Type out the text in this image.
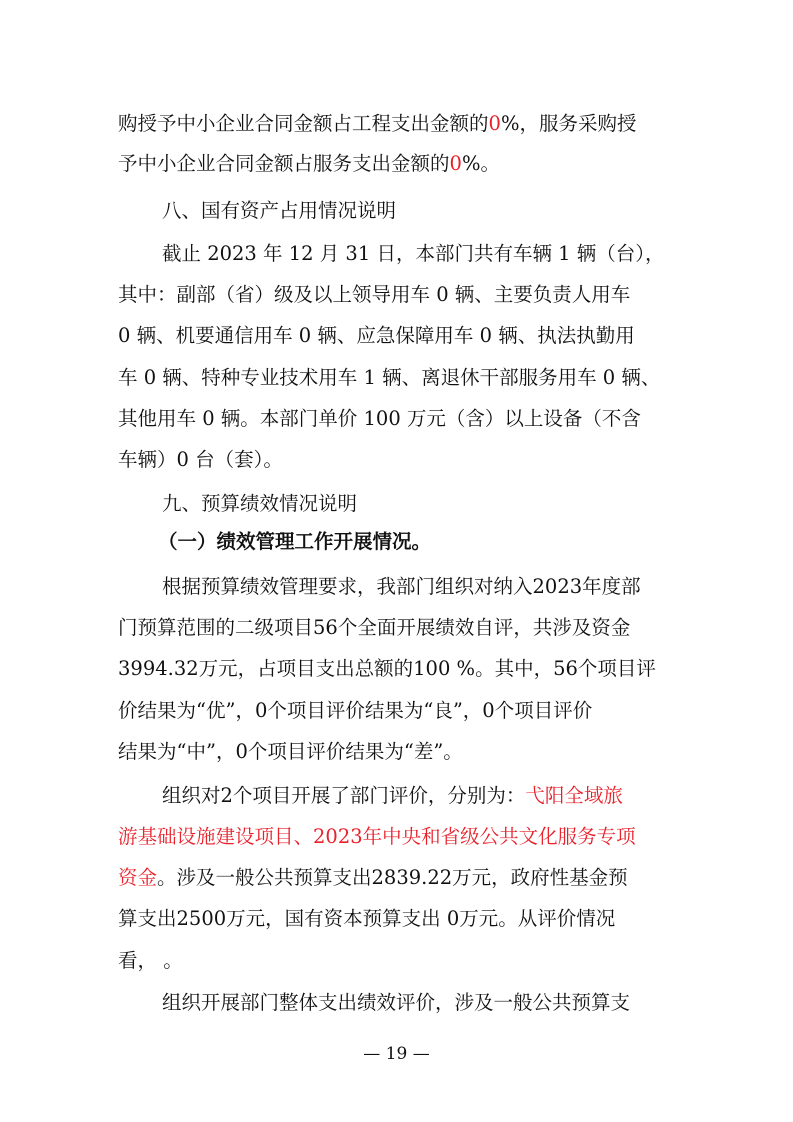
购授予中小企业合同金额占工程支出金额的0%，服务采购授
予中小企业合同金额占服务支出金额的0%。
八、国有资产占用情况说明
截止 2023 年 12 月 31 日，本部门共有车辆 1 辆（台），
其中：副部（省）级及以上领导用车 0 辆、主要负责人用车
0 辆、机要通信用车 0 辆、应急保障用车 0 辆、执法执勤用
车 0 辆、特种专业技术用车 1 辆、离退休干部服务用车 0 辆、
其他用车 0 辆。本部门单价 100 万元（含）以上设备（不含
车辆）0 台（套）。
九、预算绩效情况说明
（一）绩效管理工作开展情况。
根据预算绩效管理要求，我部门组织对纳入2023年度部
门预算范围的二级项目56个全面开展绩效自评，共涉及资金
3994.32万元，占项目支出总额的100 %。其中，56个项目评
价结果为“优”，0个项目评价结果为“良”，0个项目评价
结果为“中”，0个项目评价结果为“差”。
组织对2个项目开展了部门评价，分别为：弋阳全域旅
游基础设施建设项目、2023年中央和省级公共文化服务专项
资金。涉及一般公共预算支出2839.22万元，政府性基金预
算支出2500万元，国有资本预算支出 0万元。从评价情况
看， 。
组织开展部门整体支出绩效评价，涉及一般公共预算支
— 19 —
